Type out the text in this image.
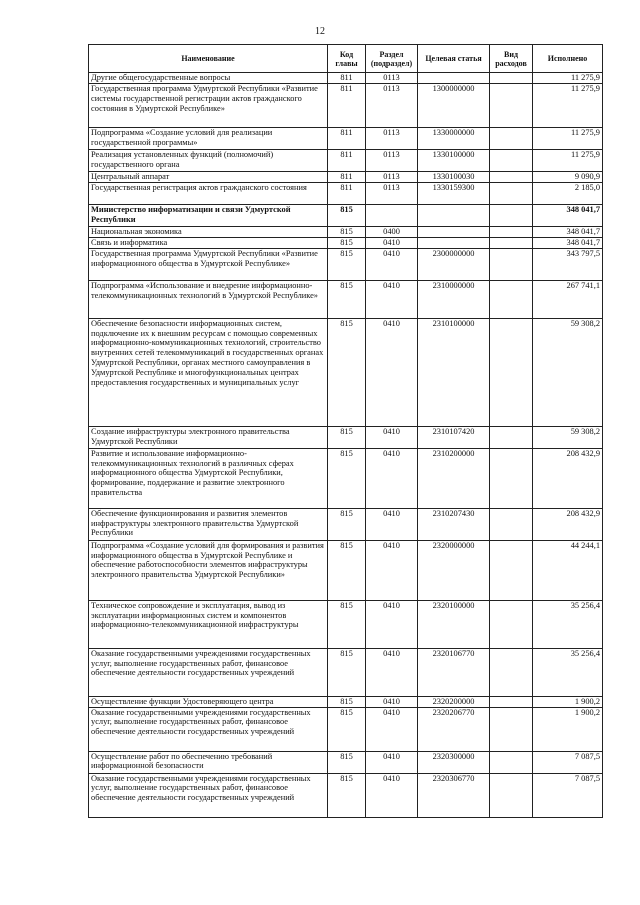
12
Наименование	Код главы	Раздел (подраздел)	Целевая статья	Вид расходов	Исполнено
Другие общегосударственные вопросы	811	0113			11 275,9
Государственная программа Удмуртской Республики «Развитие системы государственной регистрации актов гражданского состояния в Удмуртской Республике»	811	0113	1300000000		11 275,9
Подпрограмма «Создание условий для реализации государственной программы»	811	0113	1330000000		11 275,9
Реализация установленных функций (полномочий) государственного органа	811	0113	1330100000		11 275,9
Центральный аппарат	811	0113	1330100030		9 090,9
Государственная регистрация актов гражданского состояния	811	0113	1330159300		2 185,0
Министерство информатизации и связи Удмуртской Республики	815				348 041,7
Национальная экономика	815	0400			348 041,7
Связь и информатика	815	0410			348 041,7
Государственная программа Удмуртской Республики «Развитие информационного общества в Удмуртской Республике»	815	0410	2300000000		343 797,5
Подпрограмма «Использование и внедрение информационно-телекоммуникационных технологий в Удмуртской Республике»	815	0410	2310000000		267 741,1
Обеспечение безопасности информационных систем, подключение их к внешним ресурсам с помощью современных информационно-коммуникационных технологий, строительство внутренних сетей телекоммуникаций в государственных органах Удмуртской Республики, органах местного самоуправления в Удмуртской Республике и многофункциональных центрах предоставления государственных и муниципальных услуг	815	0410	2310100000		59 308,2
Создание инфраструктуры электронного правительства Удмуртской Республики	815	0410	2310107420		59 308,2
Развитие и использование информационно-телекоммуникационных технологий в различных сферах информационного общества Удмуртской Республики, формирование, поддержание и развитие электронного правительства	815	0410	2310200000		208 432,9
Обеспечение функционирования и развития элементов инфраструктуры электронного правительства Удмуртской Республики	815	0410	2310207430		208 432,9
Подпрограмма «Создание условий для формирования и развития информационного общества в Удмуртской Республике и обеспечение работоспособности элементов инфраструктуры электронного правительства Удмуртской Республики»	815	0410	2320000000		44 244,1
Техническое сопровождение и эксплуатация, вывод из эксплуатации информационных систем и компонентов информационно-телекоммуникационной инфраструктуры	815	0410	2320100000		35 256,4
Оказание государственными учреждениями государственных услуг, выполнение государственных работ, финансовое обеспечение деятельности государственных учреждений	815	0410	2320106770		35 256,4
Осуществление функции Удостоверяющего центра	815	0410	2320200000		1 900,2
Оказание государственными учреждениями государственных услуг, выполнение государственных работ, финансовое обеспечение деятельности государственных учреждений	815	0410	2320206770		1 900,2
Осуществление работ по обеспечению требований информационной безопасности	815	0410	2320300000		7 087,5
Оказание государственными учреждениями государственных услуг, выполнение государственных работ, финансовое обеспечение деятельности государственных учреждений	815	0410	2320306770		7 087,5
